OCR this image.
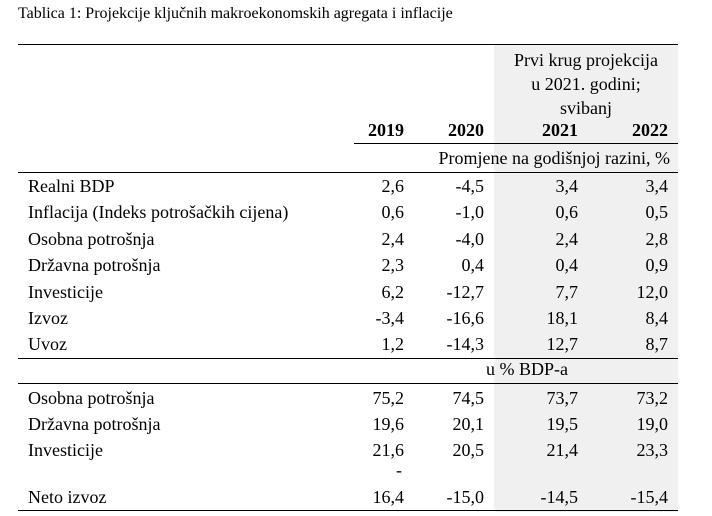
Tablica 1: Projekcije ključnih makroekonomskih agregata i inflacije
Prvi krug projekcija
u 2021. godini;
svibanj
2019	2020	2021	2022
Promjene na godišnjoj razini, %
Realni BDP	2,6	-4,5	3,4	3,4
Inflacija (Indeks potrošačkih cijena)	0,6	-1,0	0,6	0,5
Osobna potrošnja	2,4	-4,0	2,4	2,8
Državna potrošnja	2,3	0,4	0,4	0,9
Investicije	6,2	-12,7	7,7	12,0
Izvoz	-3,4	-16,6	18,1	8,4
Uvoz	1,2	-14,3	12,7	8,7
u % BDP-a
Osobna potrošnja	75,2	74,5	73,7	73,2
Državna potrošnja	19,6	20,1	19,5	19,0
Investicije	21,6	20,5	21,4	23,3
Neto izvoz	16,4	-15,0	-14,5	-15,4
-
